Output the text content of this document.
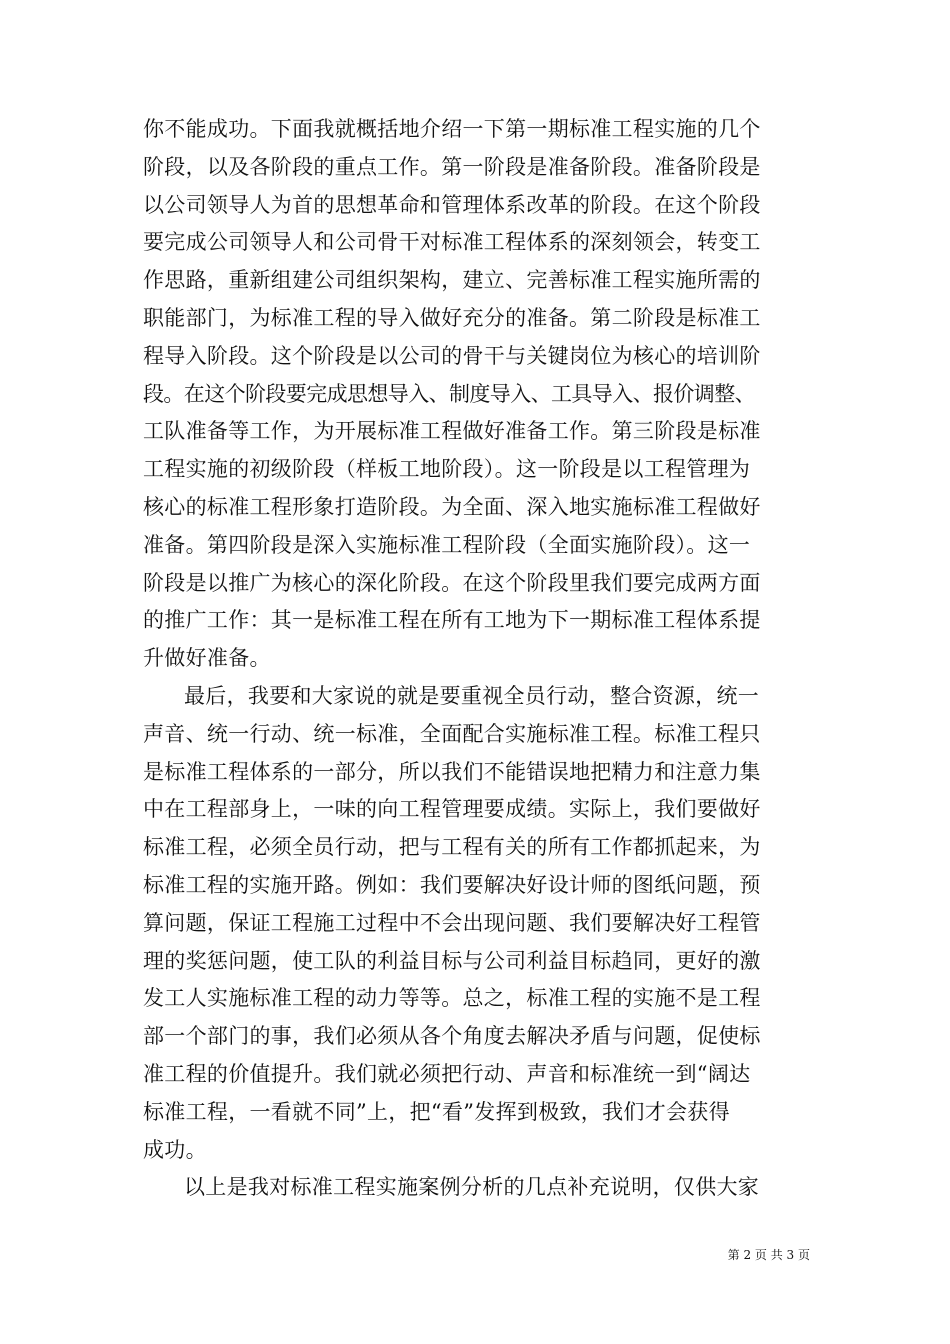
你不能成功。下面我就概括地介绍一下第一期标准工程实施的几个
阶段，以及各阶段的重点工作。第一阶段是准备阶段。准备阶段是
以公司领导人为首的思想革命和管理体系改革的阶段。在这个阶段
要完成公司领导人和公司骨干对标准工程体系的深刻领会，转变工
作思路，重新组建公司组织架构，建立、完善标准工程实施所需的
职能部门，为标准工程的导入做好充分的准备。第二阶段是标准工
程导入阶段。这个阶段是以公司的骨干与关键岗位为核心的培训阶
段。在这个阶段要完成思想导入、制度导入、工具导入、报价调整、
工队准备等工作，为开展标准工程做好准备工作。第三阶段是标准
工程实施的初级阶段（样板工地阶段）。这一阶段是以工程管理为
核心的标准工程形象打造阶段。为全面、深入地实施标准工程做好
准备。第四阶段是深入实施标准工程阶段（全面实施阶段）。这一
阶段是以推广为核心的深化阶段。在这个阶段里我们要完成两方面
的推广工作：其一是标准工程在所有工地为下一期标准工程体系提
升做好准备。
最后，我要和大家说的就是要重视全员行动，整合资源，统一
声音、统一行动、统一标准，全面配合实施标准工程。标准工程只
是标准工程体系的一部分，所以我们不能错误地把精力和注意力集
中在工程部身上，一味的向工程管理要成绩。实际上，我们要做好
标准工程，必须全员行动，把与工程有关的所有工作都抓起来，为
标准工程的实施开路。例如：我们要解决好设计师的图纸问题，预
算问题，保证工程施工过程中不会出现问题、我们要解决好工程管
理的奖惩问题，使工队的利益目标与公司利益目标趋同，更好的激
发工人实施标准工程的动力等等。总之，标准工程的实施不是工程
部一个部门的事，我们必须从各个角度去解决矛盾与问题，促使标
准工程的价值提升。我们就必须把行动、声音和标准统一到“阔达
标准工程，一看就不同”上，把“看”发挥到极致，我们才会获得
成功。
以上是我对标准工程实施案例分析的几点补充说明，仅供大家
第 2 页 共 3 页
